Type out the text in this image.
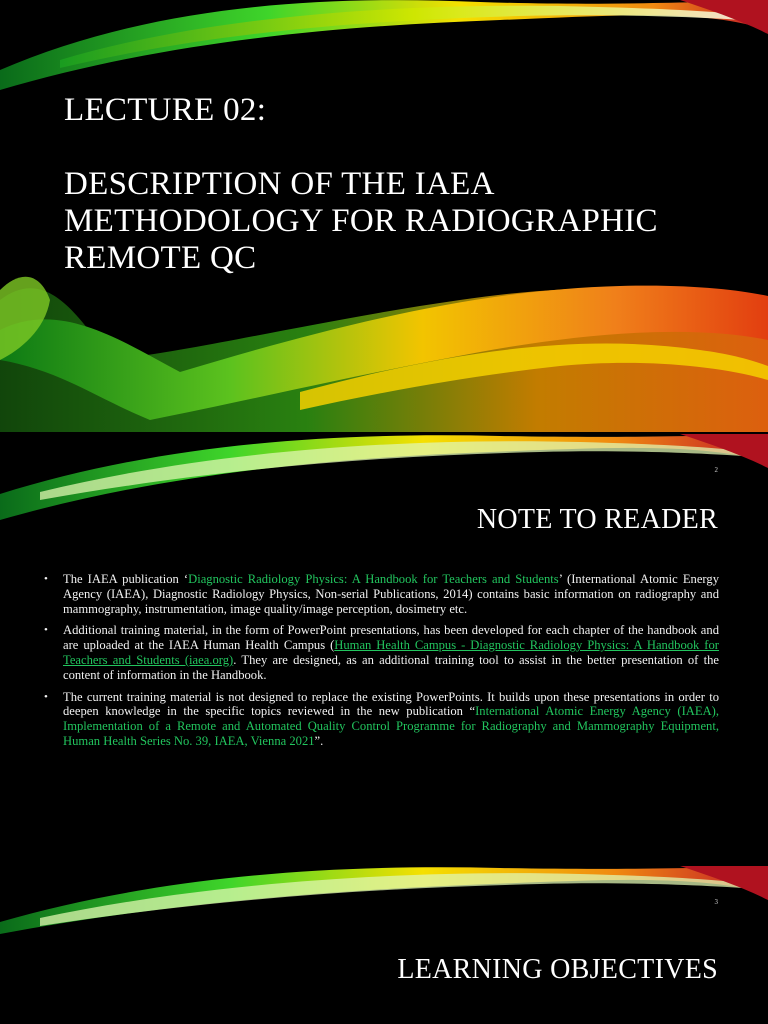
LECTURE 02:
DESCRIPTION OF THE IAEA METHODOLOGY FOR RADIOGRAPHIC REMOTE QC
2
NOTE TO READER
• The IAEA publication ‘Diagnostic Radiology Physics: A Handbook for Teachers and Students’ (International Atomic Energy Agency (IAEA), Diagnostic Radiology Physics, Non-serial Publications, 2014) contains basic information on radiography and mammography, instrumentation, image quality/image perception, dosimetry etc.
• Additional training material, in the form of PowerPoint presentations, has been developed for each chapter of the handbook and are uploaded at the IAEA Human Health Campus (Human Health Campus - Diagnostic Radiology Physics: A Handbook for Teachers and Students (iaea.org). They are designed, as an additional training tool to assist in the better presentation of the content of information in the Handbook.
• The current training material is not designed to replace the existing PowerPoints. It builds upon these presentations in order to deepen knowledge in the specific topics reviewed in the new publication “International Atomic Energy Agency (IAEA), Implementation of a Remote and Automated Quality Control Programme for Radiography and Mammography Equipment, Human Health Series No. 39, IAEA, Vienna 2021”.
3
LEARNING OBJECTIVES
